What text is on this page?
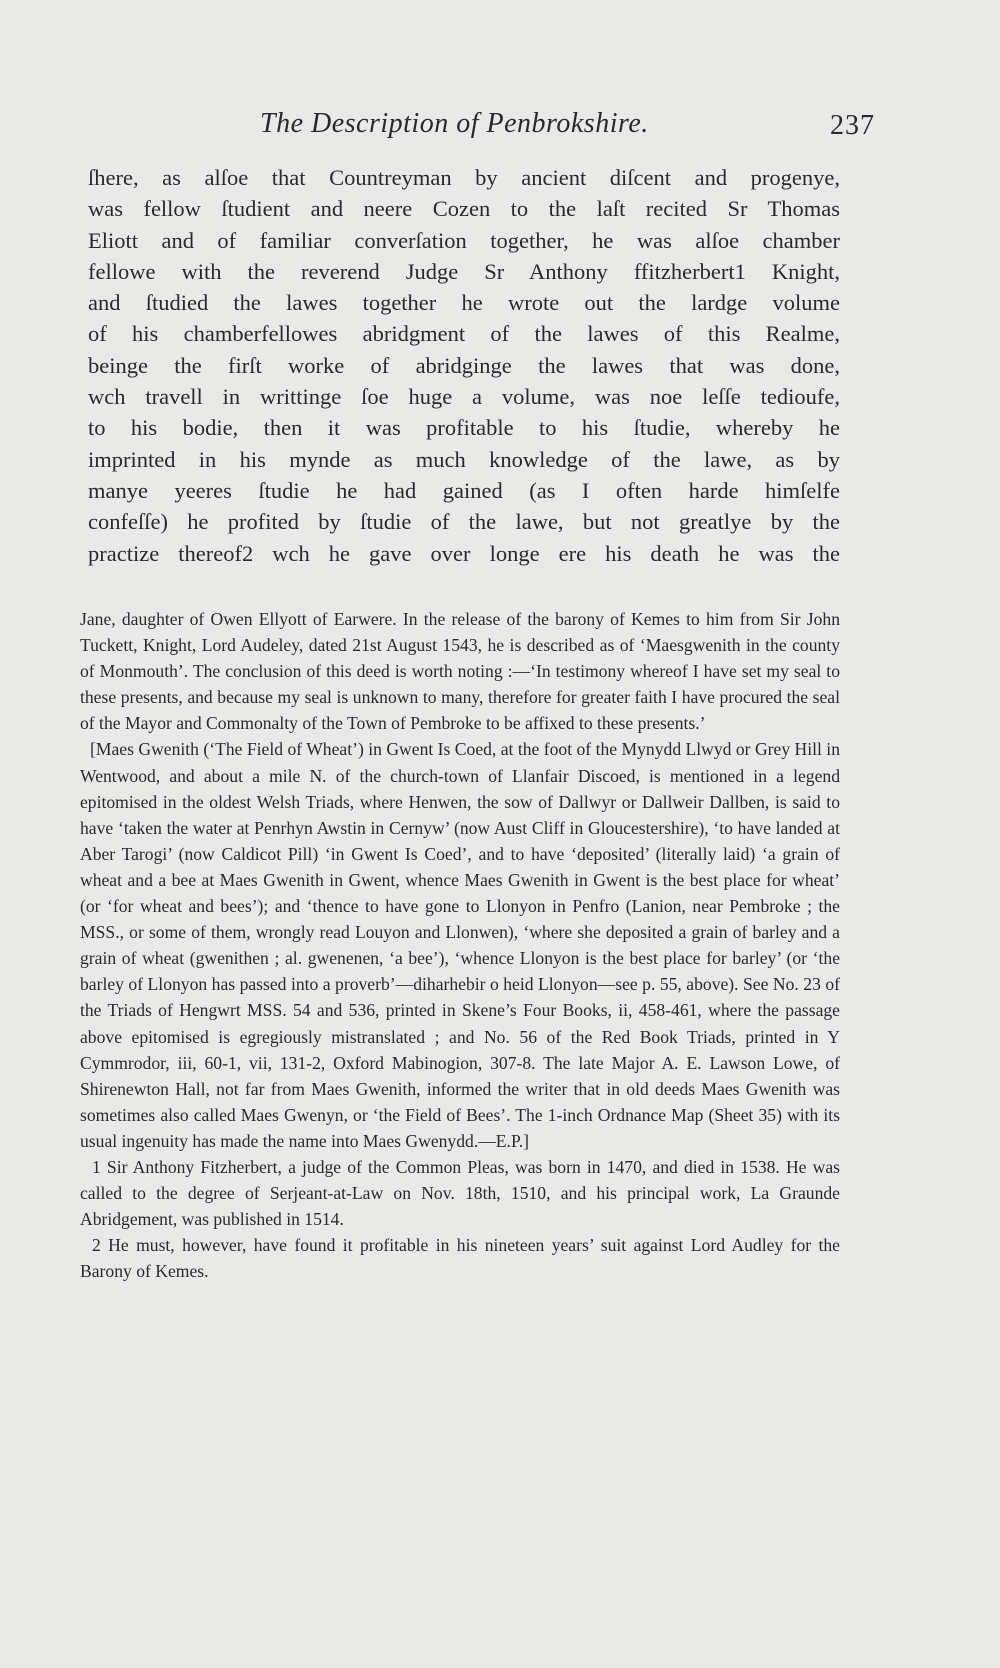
The Description of Penbrokshire.	237
ſhere, as alſoe that Countreyman by ancient diſcent and progenye,
was fellow ſtudient and neere Cozen to the laſt recited Sr Thomas
Eliott and of familiar converſation together, he was alſoe chamber
fellowe with the reverend Judge Sr Anthony ffitzherbert1 Knight,
and ſtudied the lawes together he wrote out the lardge volume
of his chamberfellowes abridgment of the lawes of this Realme,
beinge the firſt worke of abridginge the lawes that was done,
wch travell in writtinge ſoe huge a volume, was noe leſſe tedioufe,
to his bodie, then it was profitable to his ſtudie, whereby he
imprinted in his mynde as much knowledge of the lawe, as by
manye yeeres ſtudie he had gained (as I often harde himſelfe
confeſſe) he profited by ſtudie of the lawe, but not greatlye by the
practize thereof2 wch he gave over longe ere his death he was the

Jane, daughter of Owen Ellyott of Earwere. In the release of the barony of Kemes to him from Sir John Tuckett, Knight, Lord Audeley, dated 21st August 1543, he is described as of ‘Maesgwenith in the county of Monmouth’. The conclusion of this deed is worth noting :—‘In testimony whereof I have set my seal to these presents, and because my seal is unknown to many, therefore for greater faith I have procured the seal of the Mayor and Commonalty of the Town of Pembroke to be affixed to these presents.’

[Maes Gwenith (‘The Field of Wheat’) in Gwent Is Coed, at the foot of the Mynydd Llwyd or Grey Hill in Wentwood, and about a mile N. of the church-town of Llanfair Discoed, is mentioned in a legend epitomised in the oldest Welsh Triads, where Henwen, the sow of Dallwyr or Dallweir Dallben, is said to have ‘taken the water at Penrhyn Awstin in Cernyw’ (now Aust Cliff in Gloucestershire), ‘to have landed at Aber Tarogi’ (now Caldicot Pill) ‘in Gwent Is Coed’, and to have ‘deposited’ (literally laid) ‘a grain of wheat and a bee at Maes Gwenith in Gwent, whence Maes Gwenith in Gwent is the best place for wheat’ (or ‘for wheat and bees’); and ‘thence to have gone to Llonyon in Penfro (Lanion, near Pembroke ; the MSS., or some of them, wrongly read Louyon and Llonwen), ‘where she deposited a grain of barley and a grain of wheat (gwenithen ; al. gwenenen, ‘a bee’), ‘whence Llonyon is the best place for barley’ (or ‘the barley of Llonyon has passed into a proverb’—diharhebir o heid Llonyon—see p. 55, above). See No. 23 of the Triads of Hengwrt MSS. 54 and 536, printed in Skene’s Four Books, ii, 458-461, where the passage above epitomised is egregiously mistranslated ; and No. 56 of the Red Book Triads, printed in Y Cymmrodor, iii, 60-1, vii, 131-2, Oxford Mabinogion, 307-8. The late Major A. E. Lawson Lowe, of Shirenewton Hall, not far from Maes Gwenith, informed the writer that in old deeds Maes Gwenith was sometimes also called Maes Gwenyn, or ‘the Field of Bees’. The 1-inch Ordnance Map (Sheet 35) with its usual ingenuity has made the name into Maes Gwenydd.—E.P.]

1 Sir Anthony Fitzherbert, a judge of the Common Pleas, was born in 1470, and died in 1538. He was called to the degree of Serjeant-at-Law on Nov. 18th, 1510, and his principal work, La Graunde Abridgement, was published in 1514.

2 He must, however, have found it profitable in his nineteen years’ suit against Lord Audley for the Barony of Kemes.
